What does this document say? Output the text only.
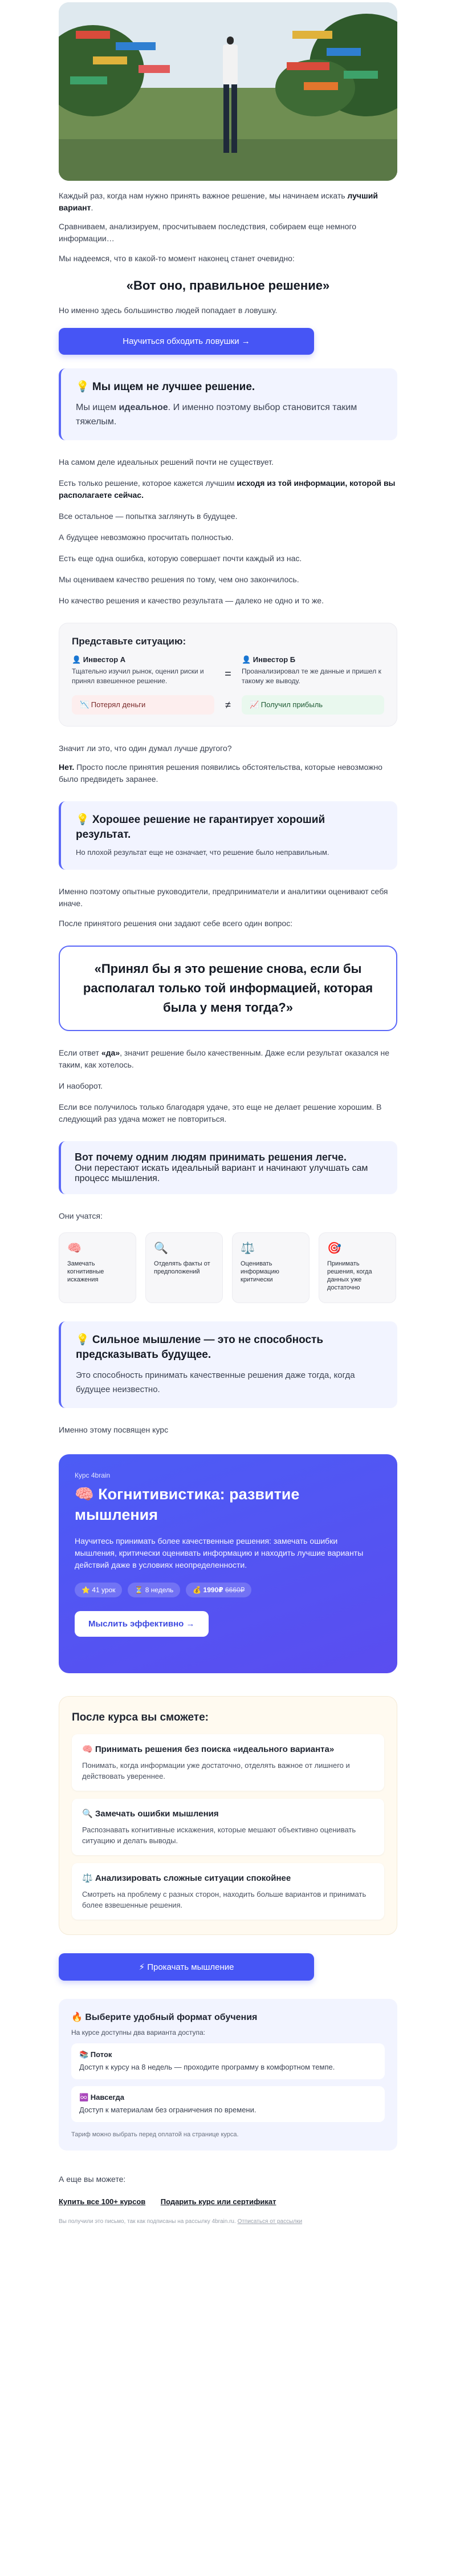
Каждый раз, когда нам нужно принять важное решение, мы начинаем искать лучший вариант.

Сравниваем, анализируем, просчитываем последствия, собираем еще немного информации…

Мы надеемся, что в какой-то момент наконец станет очевидно:

«Вот оно, правильное решение»

Но именно здесь большинство людей попадает в ловушку.

Научиться обходить ловушки →
💡 Мы ищем не лучшее решение.

Мы ищем идеальное. И именно поэтому выбор становится таким тяжелым.

На самом деле идеальных решений почти не существует.

Есть только решение, которое кажется лучшим исходя из той информации, которой вы располагаете сейчас.

Все остальное — попытка заглянуть в будущее.

А будущее невозможно просчитать полностью.

Есть еще одна ошибка, которую совершает почти каждый из нас.

Мы оцениваем качество решения по тому, чем оно закончилось.

Но качество решения и качество результата — далеко не одно и то же.

Представьте ситуацию:
👤 Инвестор А
Тщательно изучил рынок, оценил риски и принял взвешенное решение.
=
👤 Инвестор Б
Проанализировал те же данные и пришел к такому же выводу.
📉 Потерял деньги	≠	📈 Получил прибыль

Значит ли это, что один думал лучше другого?

Нет. Просто после принятия решения появились обстоятельства, которые невозможно было предвидеть заранее.

💡 Хорошее решение не гарантирует хороший результат.

Но плохой результат еще не означает, что решение было неправильным.

Именно поэтому опытные руководители, предприниматели и аналитики оценивают себя иначе.

После принятого решения они задают себе всего один вопрос:

«Принял бы я это решение снова, если бы располагал только той информацией, которая была у меня тогда?»

Если ответ «да», значит решение было качественным. Даже если результат оказался не таким, как хотелось.

И наоборот.

Если все получилось только благодаря удаче, это еще не делает решение хорошим. В следующий раз удача может не повториться.

Вот почему одним людям принимать решения легче.

Они перестают искать идеальный вариант и начинают улучшать сам процесс мышления.

Они учатся:

🧠
Замечать когнитивные искажения
🔍
Отделять факты от предположений
⚖️
Оценивать информацию критически
🎯
Принимать решения, когда данных уже достаточно
💡 Сильное мышление — это не способность предсказывать будущее.

Это способность принимать качественные решения даже тогда, когда будущее неизвестно.

Именно этому посвящен курс

Курс 4brain
🧠 Когнитивистика: развитие мышления

Научитесь принимать более качественные решения: замечать ошибки мышления, критически оценивать информацию и находить лучшие варианты действий даже в условиях неопределенности.

⭐ 41 урок	⏳ 8 недель	💰 1990₽ 6660₽
Мыслить эффективно →
После курса вы сможете:
🧠 Принимать решения без поиска «идеального варианта»

Понимать, когда информации уже достаточно, отделять важное от лишнего и действовать увереннее.

🔍 Замечать ошибки мышления

Распознавать когнитивные искажения, которые мешают объективно оценивать ситуацию и делать выводы.

⚖️ Анализировать сложные ситуации спокойнее

Смотреть на проблему с разных сторон, находить больше вариантов и принимать более взвешенные решения.

⚡ Прокачать мышление
🔥 Выберите удобный формат обучения

На курсе доступны два варианта доступа:

📚 Поток

Доступ к курсу на 8 недель — проходите программу в комфортном темпе.

♾️ Навсегда

Доступ к материалам без ограничения по времени.

Тариф можно выбрать перед оплатой на странице курса.

А еще вы можете:

Купить все 100+ курсов Подарить курс или сертификат

Вы получили это письмо, так как подписаны на рассылку 4brain.ru. Отписаться от рассылки
